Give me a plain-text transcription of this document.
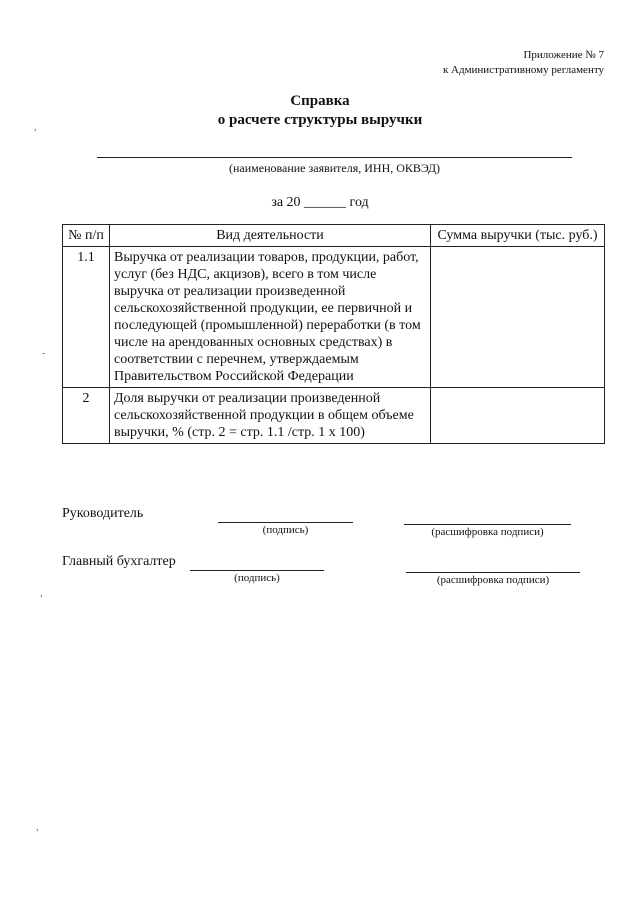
Приложение № 7
к Административному регламенту
Справка
о расчете структуры выручки
(наименование заявителя, ИНН, ОКВЭД)
за 20 ______ год
№ п/п	Вид деятельности	Сумма выручки (тыс. руб.)
1.1	Выручка от реализации товаров, продукции, работ, услуг (без НДС, акцизов), всего в том числе выручка от реализации произведенной сельскохозяйственной продукции, ее первичной и последующей (промышленной) переработки (в том числе на арендованных основных средствах) в соответствии с перечнем, утверждаемым Правительством Российской Федерации	
2	Доля выручки от реализации произведенной сельскохозяйственной продукции в общем объеме выручки, % (стр. 2 = стр. 1.1 /стр. 1 х 100)	
Руководитель
(подпись)	(расшифровка подписи)
Главный бухгалтер
(подпись)	(расшифровка подписи)
,
-
,
,
